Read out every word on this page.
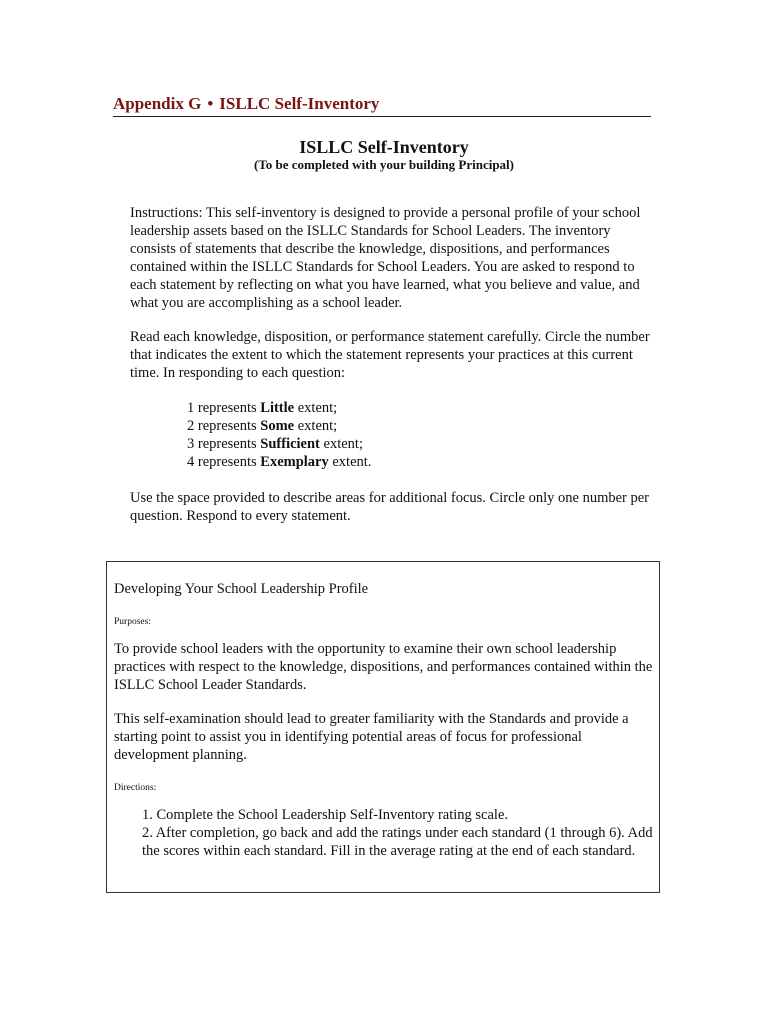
Appendix G • ISLLC Self-Inventory
ISLLC Self-Inventory
(To be completed with your building Principal)

Instructions: This self-inventory is designed to provide a personal profile of your school leadership assets based on the ISLLC Standards for School Leaders. The inventory consists of statements that describe the knowledge, dispositions, and performances contained within the ISLLC Standards for School Leaders. You are asked to respond to each statement by reflecting on what you have learned, what you believe and value, and what you are accomplishing as a school leader.

Read each knowledge, disposition, or performance statement carefully. Circle the number that indicates the extent to which the statement represents your practices at this current time. In responding to each question:

1 represents Little extent;
2 represents Some extent;
3 represents Sufficient extent;
4 represents Exemplary extent.

Use the space provided to describe areas for additional focus. Circle only one number per question. Respond to every statement.

Developing Your School Leadership Profile
Purposes:

To provide school leaders with the opportunity to examine their own school leadership practices with respect to the knowledge, dispositions, and performances contained within the ISLLC School Leader Standards.

This self-examination should lead to greater familiarity with the Standards and provide a starting point to assist you in identifying potential areas of focus for professional development planning.

Directions:
1. Complete the School Leadership Self-Inventory rating scale.
2. After completion, go back and add the ratings under each standard (1 through 6). Add the scores within each standard. Fill in the average rating at the end of each standard.
